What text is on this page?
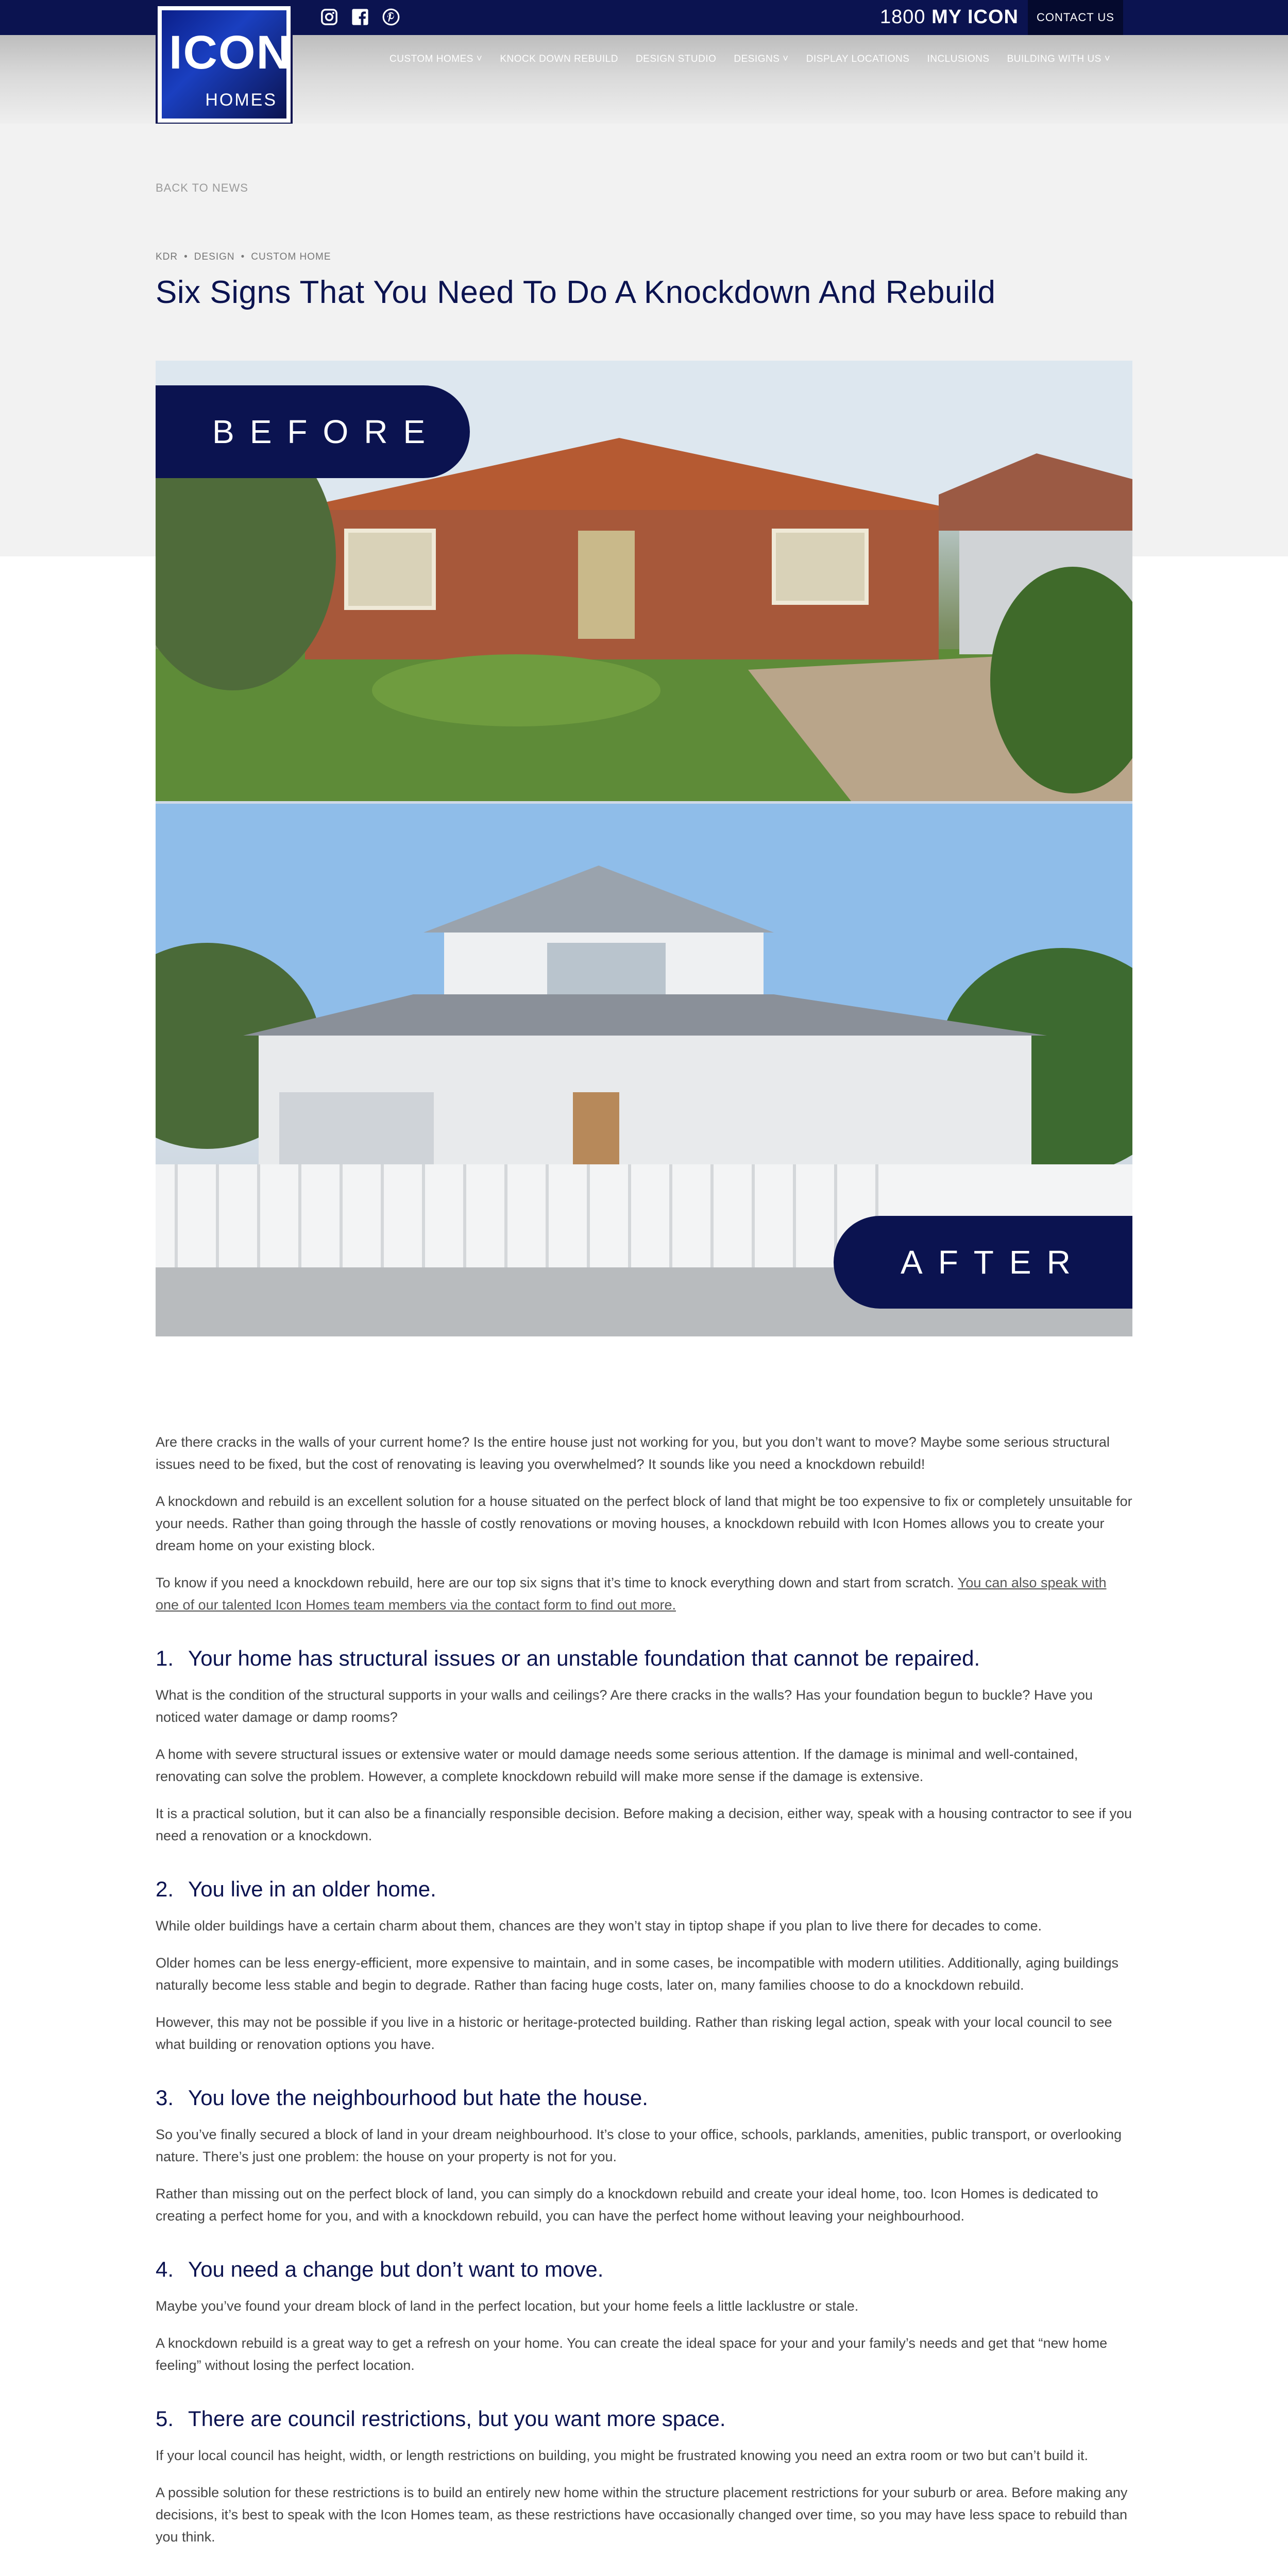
1800 MY ICON	CONTACT US
CUSTOM HOMES ˅ KNOCK DOWN REBUILD DESIGN STUDIO DESIGNS ˅ DISPLAY LOCATIONS INCLUSIONS BUILDING WITH US ˅
ICON
HOMES
BACK TO NEWS
KDR • DESIGN • CUSTOM HOME
Six Signs That You Need To Do A Knockdown And Rebuild
BEFORE
AFTER

Are there cracks in the walls of your current home? Is the entire house just not working for you, but you don’t want to move? Maybe some serious structural issues need to be fixed, but the cost of renovating is leaving you overwhelmed? It sounds like you need a knockdown rebuild!

A knockdown and rebuild is an excellent solution for a house situated on the perfect block of land that might be too expensive to fix or completely unsuitable for your needs. Rather than going through the hassle of costly renovations or moving houses, a knockdown rebuild with Icon Homes allows you to create your dream home on your existing block.

To know if you need a knockdown rebuild, here are our top six signs that it’s time to knock everything down and start from scratch. You can also speak with one of our talented Icon Homes team members via the contact form to find out more.

1. Your home has structural issues or an unstable foundation that cannot be repaired.

What is the condition of the structural supports in your walls and ceilings? Are there cracks in the walls? Has your foundation begun to buckle? Have you noticed water damage or damp rooms?

A home with severe structural issues or extensive water or mould damage needs some serious attention. If the damage is minimal and well-contained, renovating can solve the problem. However, a complete knockdown rebuild will make more sense if the damage is extensive.

It is a practical solution, but it can also be a financially responsible decision. Before making a decision, either way, speak with a housing contractor to see if you need a renovation or a knockdown.

2. You live in an older home.

While older buildings have a certain charm about them, chances are they won’t stay in tiptop shape if you plan to live there for decades to come.

Older homes can be less energy-efficient, more expensive to maintain, and in some cases, be incompatible with modern utilities. Additionally, aging buildings naturally become less stable and begin to degrade. Rather than facing huge costs, later on, many families choose to do a knockdown rebuild.

However, this may not be possible if you live in a historic or heritage-protected building. Rather than risking legal action, speak with your local council to see what building or renovation options you have.

3. You love the neighbourhood but hate the house.

So you’ve finally secured a block of land in your dream neighbourhood. It’s close to your office, schools, parklands, amenities, public transport, or overlooking nature. There’s just one problem: the house on your property is not for you.

Rather than missing out on the perfect block of land, you can simply do a knockdown rebuild and create your ideal home, too. Icon Homes is dedicated to creating a perfect home for you, and with a knockdown rebuild, you can have the perfect home without leaving your neighbourhood.

4. You need a change but don’t want to move.

Maybe you’ve found your dream block of land in the perfect location, but your home feels a little lacklustre or stale.

A knockdown rebuild is a great way to get a refresh on your home. You can create the ideal space for your and your family’s needs and get that “new home feeling” without losing the perfect location.

5. There are council restrictions, but you want more space.

If your local council has height, width, or length restrictions on building, you might be frustrated knowing you need an extra room or two but can’t build it.

A possible solution for these restrictions is to build an entirely new home within the structure placement restrictions for your suburb or area. Before making any decisions, it’s best to speak with the Icon Homes team, as these restrictions have occasionally changed over time, so you may have less space to rebuild than you think.
